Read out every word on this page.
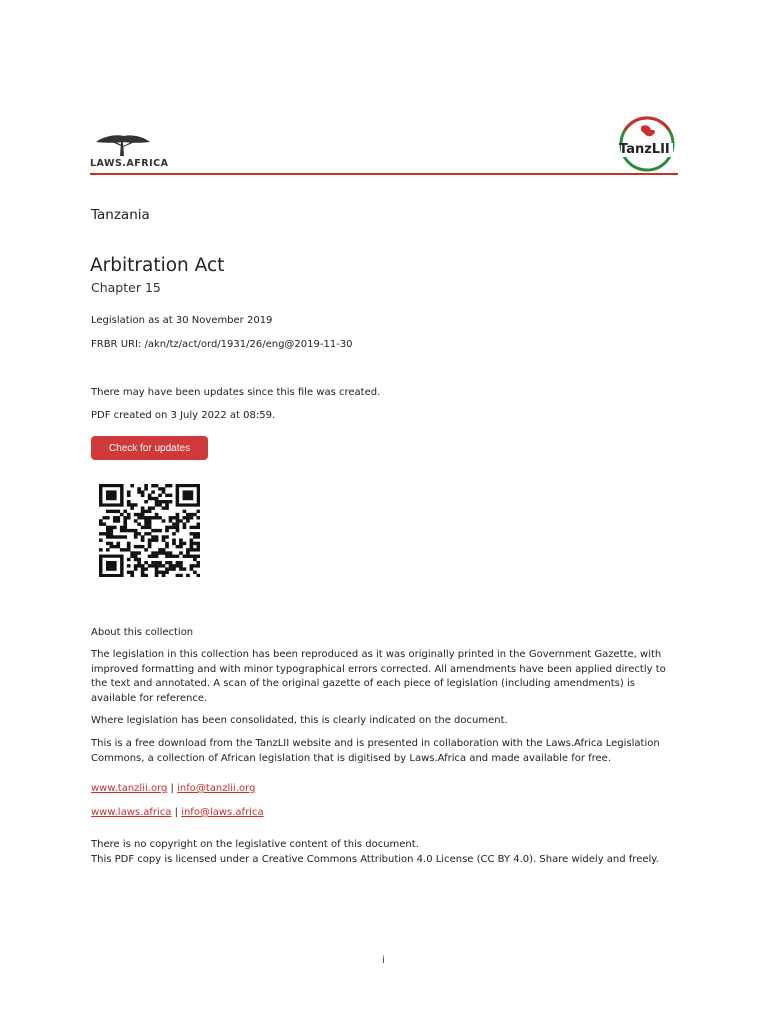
LAWS.AFRICA
TanzLII
Tanzania
Arbitration Act
Chapter 15
Legislation as at 30 November 2019
FRBR URI: /akn/tz/act/ord/1931/26/eng@2019-11-30
There may have been updates since this file was created.
PDF created on 3 July 2022 at 08:59.
Check for updates
About this collection
The legislation in this collection has been reproduced as it was originally printed in the Government Gazette, with improved formatting and with minor typographical errors corrected. All amendments have been applied directly to the text and annotated. A scan of the original gazette of each piece of legislation (including amendments) is available for reference.
Where legislation has been consolidated, this is clearly indicated on the document.
This is a free download from the TanzLII website and is presented in collaboration with the Laws.Africa Legislation Commons, a collection of African legislation that is digitised by Laws.Africa and made available for free.
www.tanzlii.org | info@tanzlii.org
www.laws.africa | info@laws.africa
There is no copyright on the legislative content of this document.
This PDF copy is licensed under a Creative Commons Attribution 4.0 License (CC BY 4.0). Share widely and freely.
i
